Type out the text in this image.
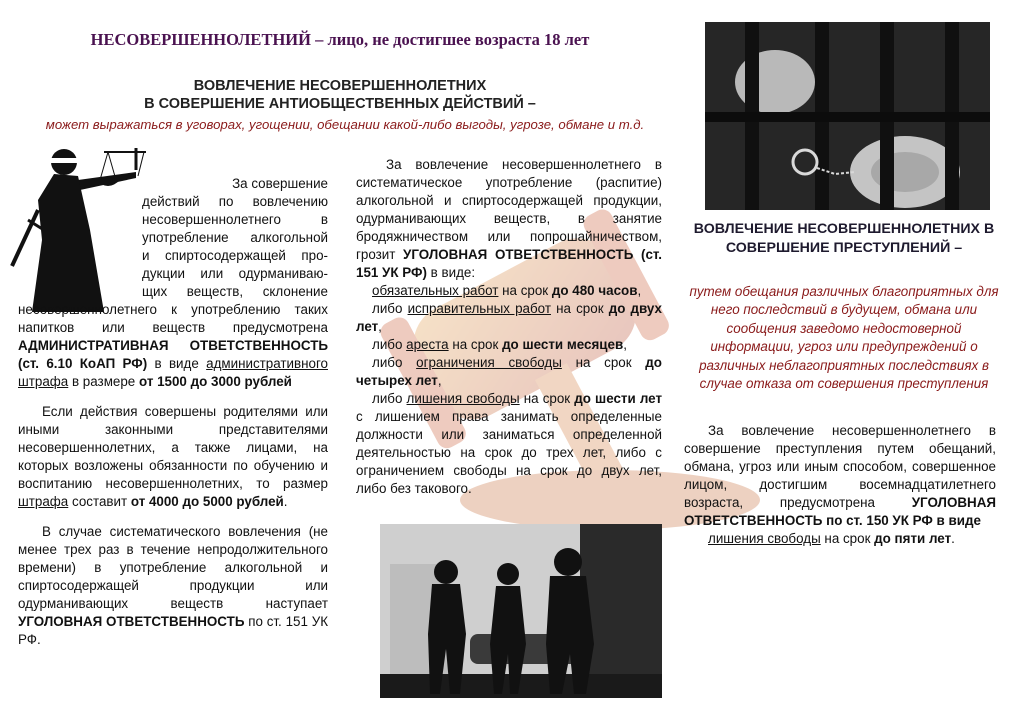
НЕСОВЕРШЕННОЛЕТНИЙ – лицо, не достигшее возраста 18 лет
ВОВЛЕЧЕНИЕ НЕСОВЕРШЕННОЛЕТНИХ
В СОВЕРШЕНИЕ АНТИОБЩЕСТВЕННЫХ ДЕЙСТВИЙ –
может выражаться в уговорах, угощении, обещании какой-либо выгоды, угрозе, обмане и т.д.

За совершение

действий по вовлечению

несовершеннолетнего в

употребление алкогольной

и спиртосодержащей про-

дукции или одурманиваю-

щих веществ, склонение

несовершеннолетнего к употреблению таких

напитков или веществ предусмотрена

АДМИНИСТРАТИВНАЯ ОТВЕТСТВЕННОСТЬ (ст. 6.10 КоАП РФ) в виде административного штрафа в размере от 1500 до 3000 рублей

Если действия совершены родителями или иными законными представителями несовершеннолетних, а также лицами, на которых возложены обязанности по обучению и воспитанию несовершеннолетних, то размер штрафа составит от 4000 до 5000 рублей.

В случае систематического вовлечения (не менее трех раз в течение непродолжительного времени) в употребление алкогольной и спиртосодержащей продукции или одурманивающих веществ наступает УГОЛОВНАЯ ОТВЕТСТВЕННОСТЬ по ст. 151 УК РФ.

За вовлечение несовершеннолетнего в систематическое употребление (распитие) алкогольной и спиртосодержащей продукции, одурманивающих веществ, в занятие бродяжничеством или попрошайничеством, грозит УГОЛОВНАЯ ОТВЕТСТВЕННОСТЬ (ст. 151 УК РФ) в виде:

обязательных работ на срок до 480 часов,

либо исправительных работ на срок до двух лет,

либо ареста на срок до шести месяцев,

либо ограничения свободы на срок до четырех лет,

либо лишения свободы на срок до шести лет с лишением права занимать определенные должности или заниматься определенной деятельностью на срок до трех лет, либо с ограничением свободы на срок до двух лет, либо без такового.

ВОВЛЕЧЕНИЕ НЕСОВЕРШЕННОЛЕТНИХ В
СОВЕРШЕНИЕ ПРЕСТУПЛЕНИЙ –
путем обещания различных благоприятных для него последствий в будущем, обмана или сообщения заведомо недостоверной информации, угроз или предупреждений о различных неблагоприятных последствиях в случае отказа от совершения преступления

За вовлечение несовершеннолетнего в совершение преступления путем обещаний, обмана, угроз или иным способом, совершенное лицом, достигшим восемнадцатилетнего возраста, предусмотрена УГОЛОВНАЯ ОТВЕТСТВЕННОСТЬ по ст. 150 УК РФ в виде

лишения свободы на срок до пяти лет.
